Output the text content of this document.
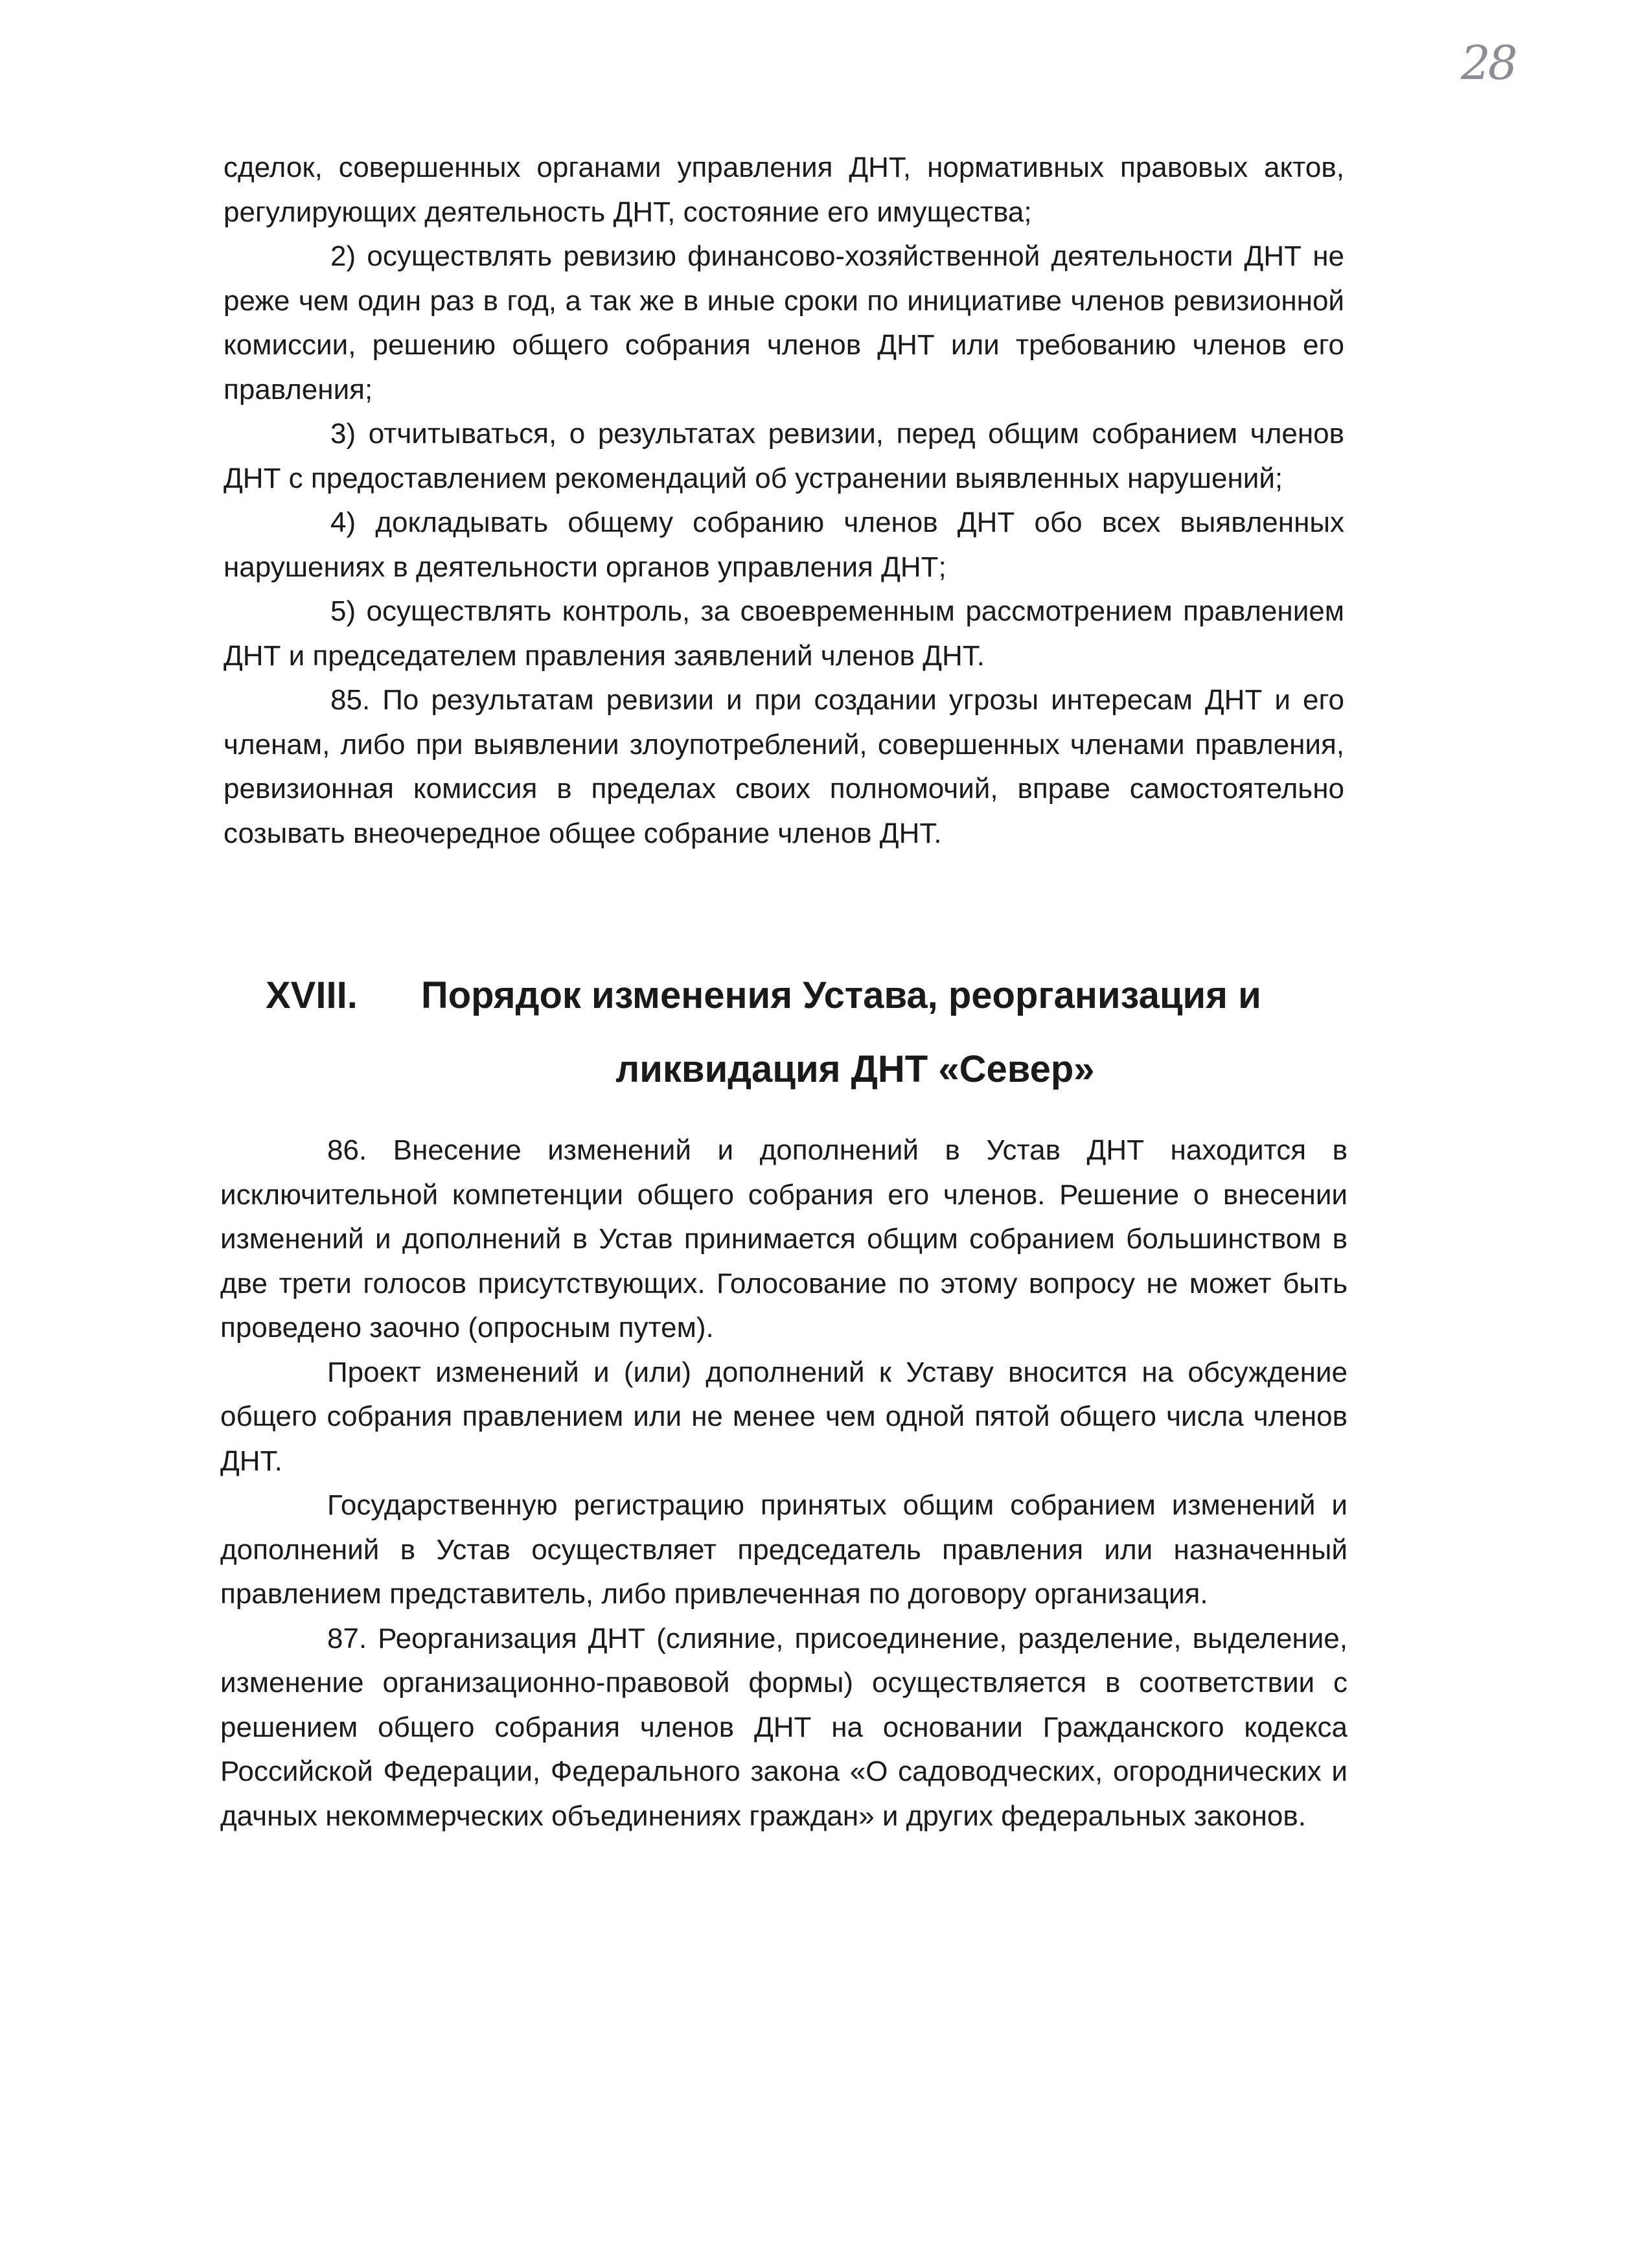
28

сделок, совершенных органами управления ДНТ, нормативных правовых актов, регулирующих деятельность ДНТ, состояние его имущества;

2) осуществлять ревизию финансово-хозяйственной деятельности ДНТ не реже чем один раз в год, а так же в иные сроки по инициативе членов ревизионной комиссии, решению общего собрания членов ДНТ или требованию членов его правления;

3) отчитываться, о результатах ревизии, перед общим собранием членов ДНТ с предоставлением рекомендаций об устранении выявленных нарушений;

4) докладывать общему собранию членов ДНТ обо всех выявленных нарушениях в деятельности органов управления ДНТ;

5) осуществлять контроль, за своевременным рассмотрением правлением ДНТ и председателем правления заявлений членов ДНТ.

85. По результатам ревизии и при создании угрозы интересам ДНТ и его членам, либо при выявлении злоупотреблений, совершенных членами правления, ревизионная комиссия в пределах своих полномочий, вправе самостоятельно созывать внеочередное общее собрание членов ДНТ.

XVIII.	Порядок изменения Устава, реорганизация и
ликвидация ДНТ «Север»

86. Внесение изменений и дополнений в Устав ДНТ находится в исключительной компетенции общего собрания его членов. Решение о внесении изменений и дополнений в Устав принимается общим собранием большинством в две трети голосов присутствующих. Голосование по этому вопросу не может быть проведено заочно (опросным путем).

Проект изменений и (или) дополнений к Уставу вносится на обсуждение общего собрания правлением или не менее чем одной пятой общего числа членов ДНТ.

Государственную регистрацию принятых общим собранием изменений и дополнений в Устав осуществляет председатель правления или назначенный правлением представитель, либо привлеченная по договору организация.

87. Реорганизация ДНТ (слияние, присоединение, разделение, выделение, изменение организационно-правовой формы) осуществляется в соответствии с решением общего собрания членов ДНТ на основании Гражданского кодекса Российской Федерации, Федерального закона «О садоводческих, огороднических и дачных некоммерческих объединениях граждан» и других федеральных законов.
